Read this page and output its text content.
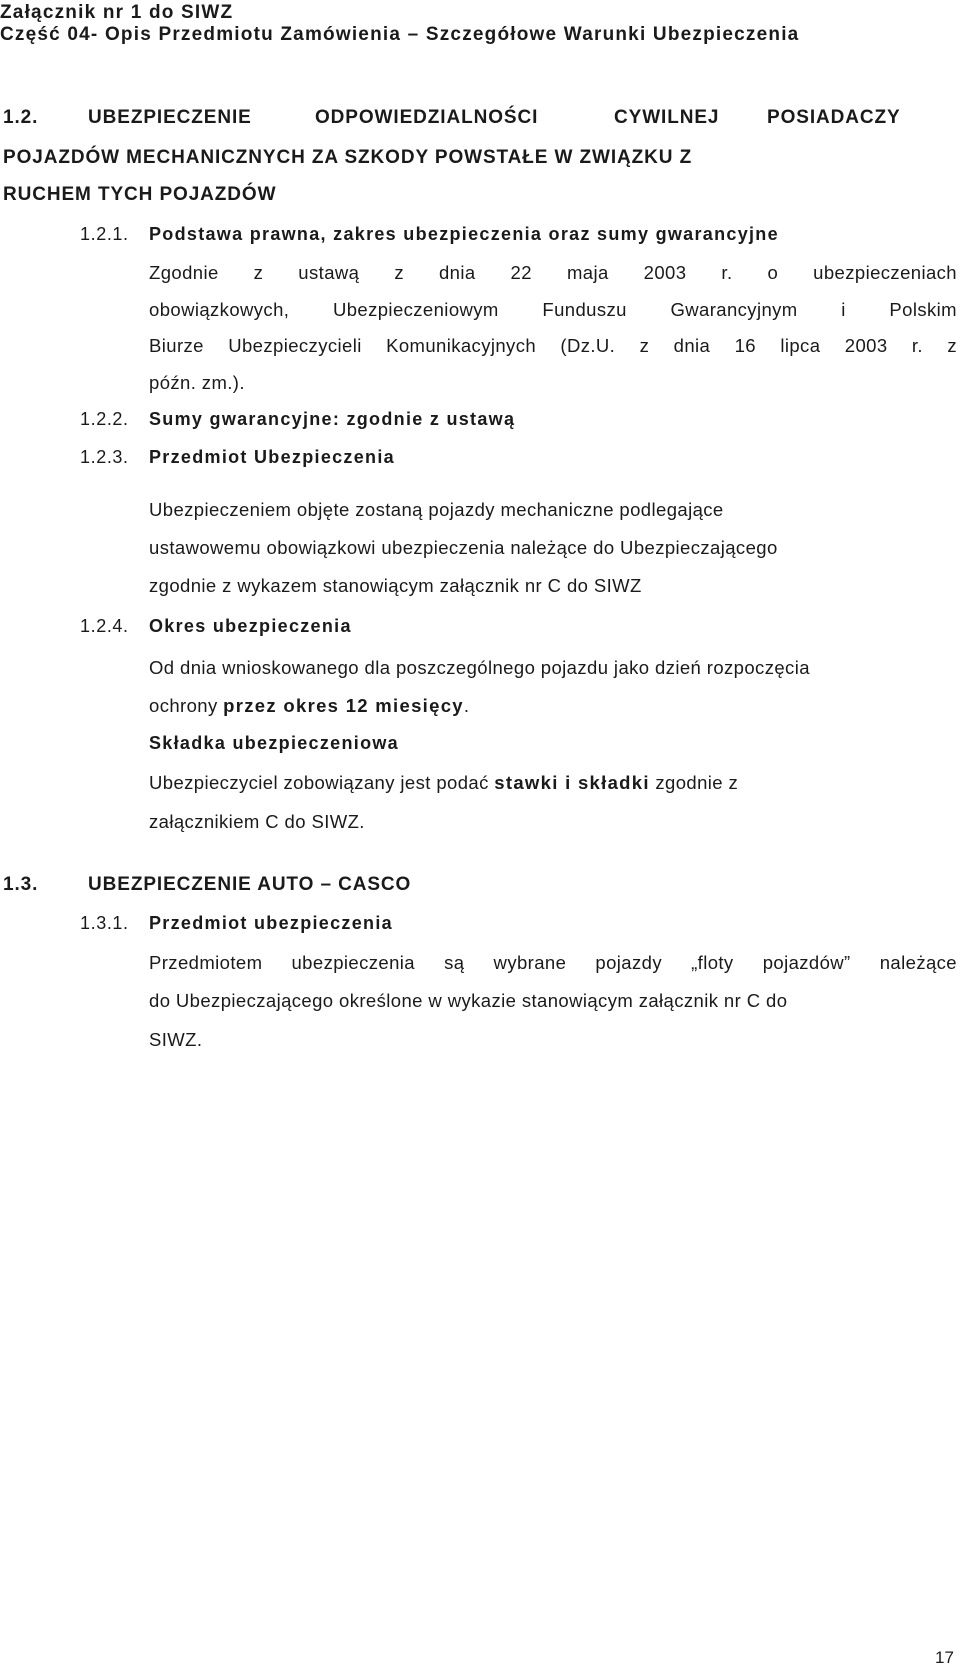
Załącznik nr 1 do SIWZ
Część 04- Opis Przedmiotu Zamówienia – Szczegółowe Warunki Ubezpieczenia
1.2.	UBEZPIECZENIE	ODPOWIEDZIALNOŚCI	CYWILNEJ	POSIADACZY
POJAZDÓW MECHANICZNYCH ZA SZKODY POWSTAŁE W ZWIĄZKU Z
RUCHEM TYCH POJAZDÓW
1.2.1. Podstawa prawna, zakres ubezpieczenia oraz sumy gwarancyjne
Zgodnie z ustawą z dnia 22 maja 2003 r. o ubezpieczeniach
obowiązkowych, Ubezpieczeniowym Funduszu Gwarancyjnym i Polskim
Biurze Ubezpieczycieli Komunikacyjnych (Dz.U. z dnia 16 lipca 2003 r. z
późn. zm.).
1.2.2. Sumy gwarancyjne: zgodnie z ustawą
1.2.3. Przedmiot Ubezpieczenia
Ubezpieczeniem objęte zostaną pojazdy mechaniczne podlegające
ustawowemu obowiązkowi ubezpieczenia należące do Ubezpieczającego
zgodnie z wykazem stanowiącym załącznik nr C do SIWZ
1.2.4. Okres ubezpieczenia
Od dnia wnioskowanego dla poszczególnego pojazdu jako dzień rozpoczęcia
ochrony przez okres 12 miesięcy.
Składka ubezpieczeniowa
Ubezpieczyciel zobowiązany jest podać stawki i składki zgodnie z
załącznikiem C do SIWZ.
1.3.	UBEZPIECZENIE AUTO – CASCO
1.3.1. Przedmiot ubezpieczenia
Przedmiotem ubezpieczenia są wybrane pojazdy „floty pojazdów” należące
do Ubezpieczającego określone w wykazie stanowiącym załącznik nr C do
SIWZ.
17
